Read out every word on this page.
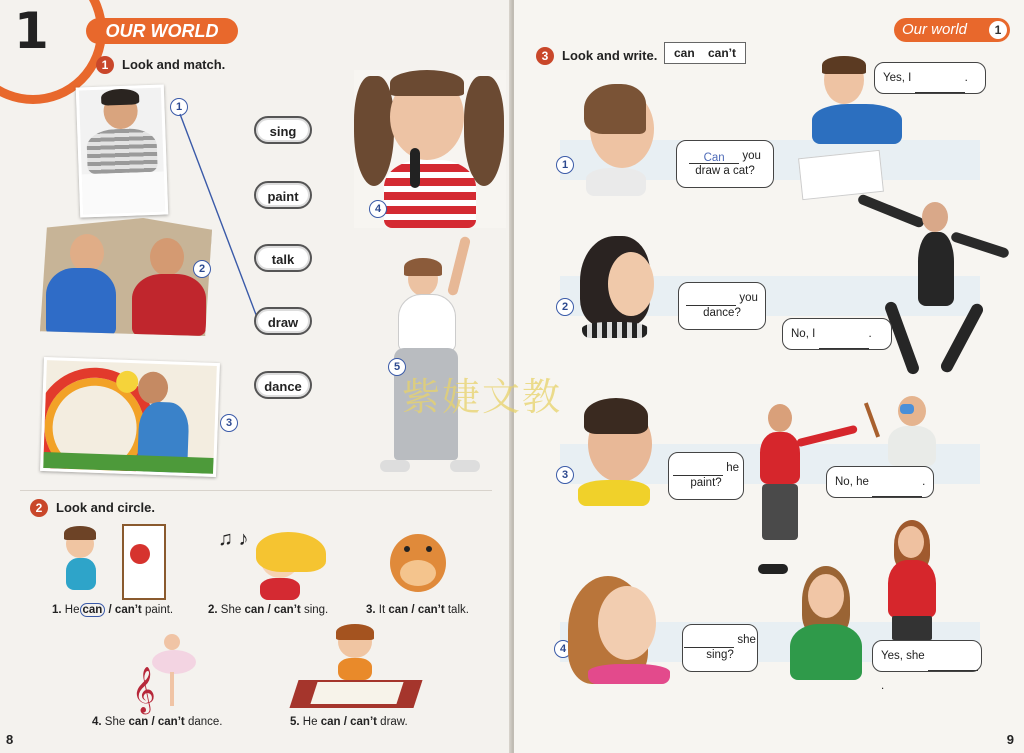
1	OUR WORLD
1	Look and match.
1
2
3
sing
paint
talk
draw
dance
4
5
2	Look and circle.
♫ ♪
1. He can / can’t paint.	2. She can / can’t sing.	3. It can / can’t talk.
𝄞
4. She can / can’t dance.	5. He can / can’t draw.
8
Our world	1
9
3	Look and write.	can can’t
1
Can you draw a cat?
Yes, I	.
2
you dance?
No, I	.
3
he paint?	No, he	.
4
she sing?	Yes, she .
紫婕文教
